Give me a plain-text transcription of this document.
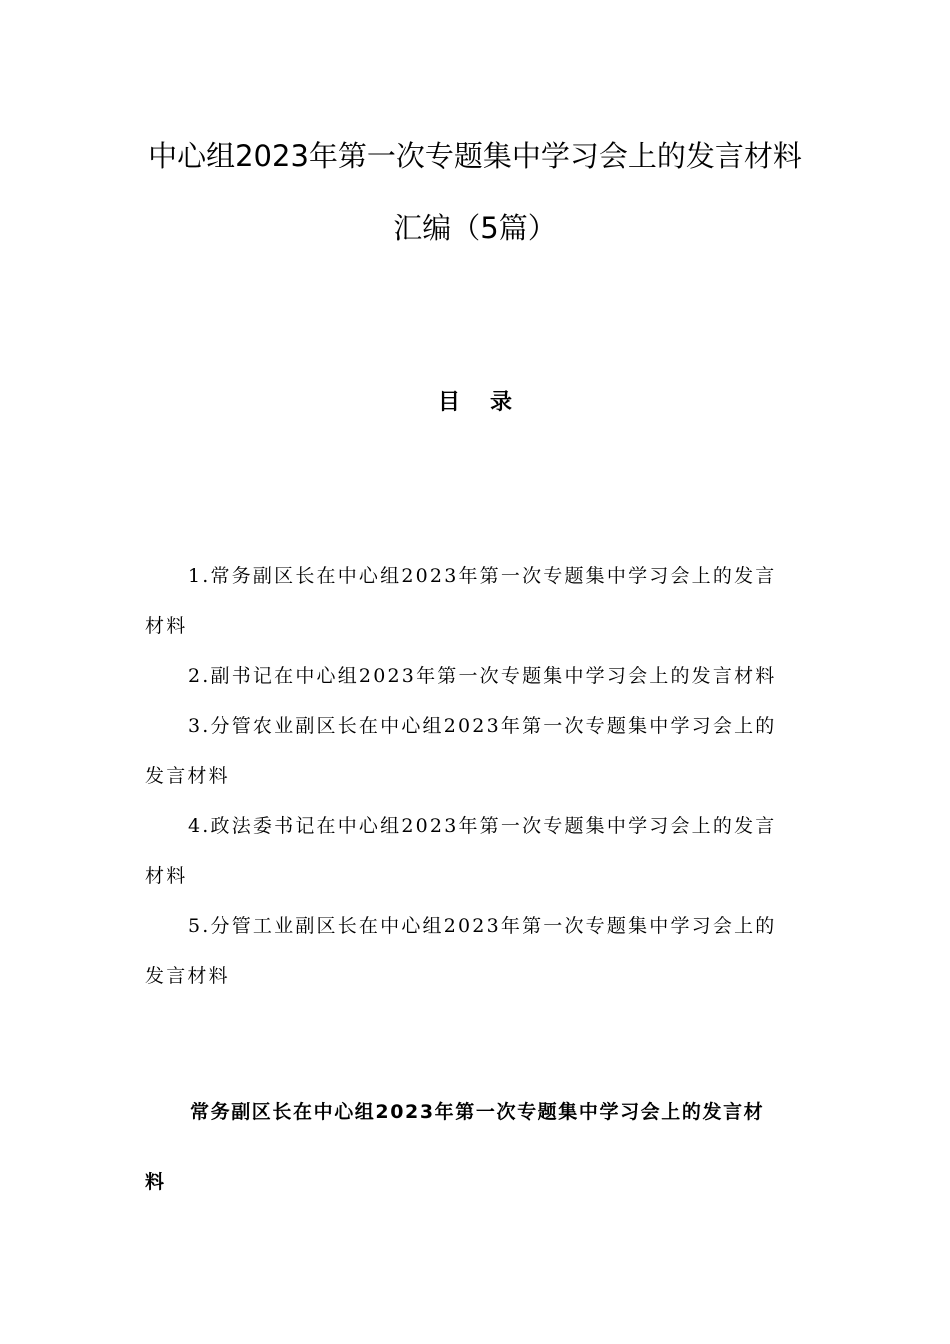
中心组2023年第一次专题集中学习会上的发言材料
汇编（5篇）
目录
1.常务副区长在中心组2023年第一次专题集中学习会上的发言
材料
2.副书记在中心组2023年第一次专题集中学习会上的发言材料
3.分管农业副区长在中心组2023年第一次专题集中学习会上的
发言材料
4.政法委书记在中心组2023年第一次专题集中学习会上的发言
材料
5.分管工业副区长在中心组2023年第一次专题集中学习会上的
发言材料
常务副区长在中心组2023年第一次专题集中学习会上的发言材
料
